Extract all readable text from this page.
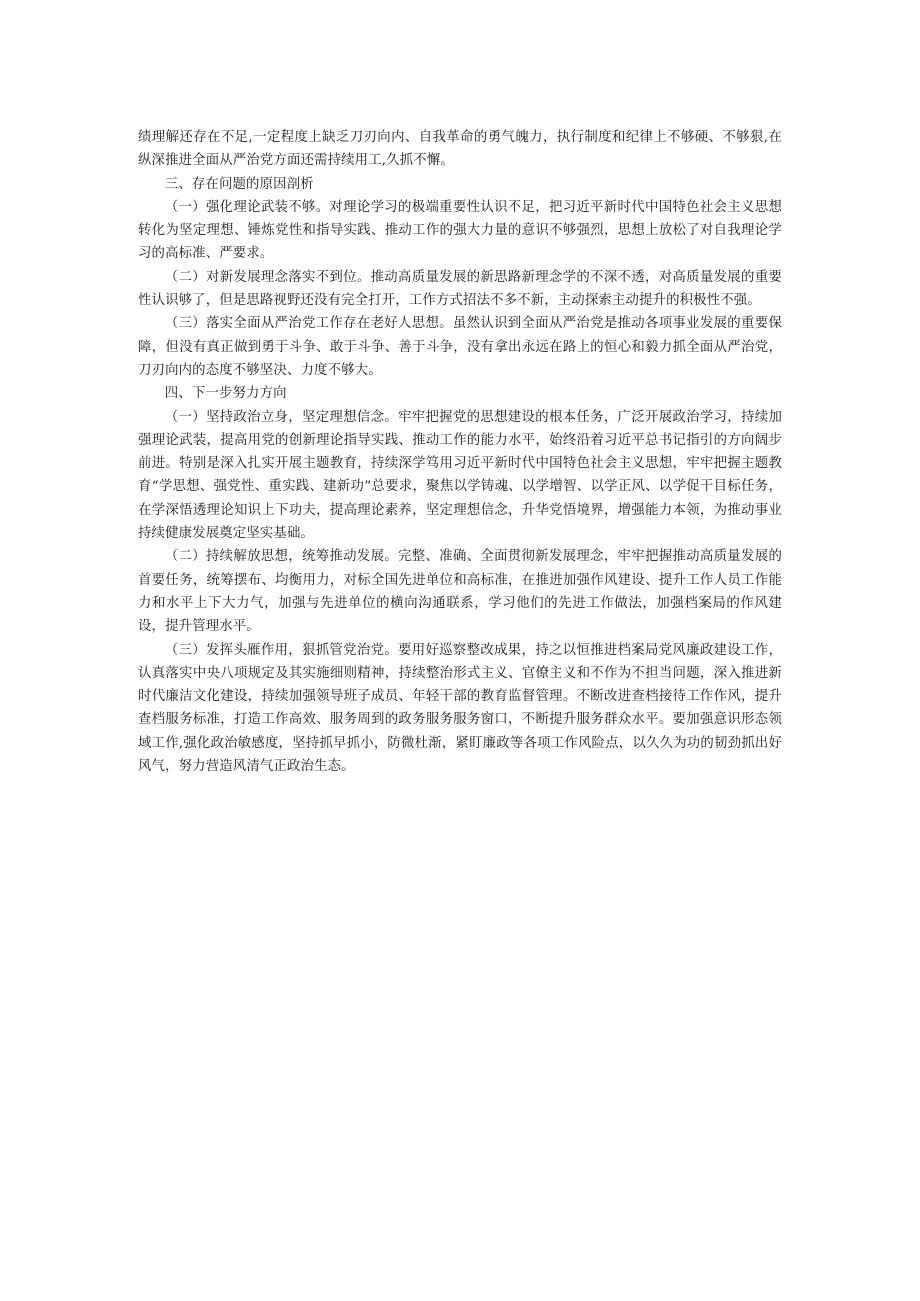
绩理解还存在不足,一定程度上缺乏刀刃向内、自我革命的勇气魄力，执行制度和纪律上不够硬、不够狠,在纵深推进全面从严治党方面还需持续用工,久抓不懈。

三、存在问题的原因剖析

（一）强化理论武装不够。对理论学习的极端重要性认识不足，把习近平新时代中国特色社会主义思想转化为坚定理想、锤炼党性和指导实践、推动工作的强大力量的意识不够强烈，思想上放松了对自我理论学习的高标准、严要求。

（二）对新发展理念落实不到位。推动高质量发展的新思路新理念学的不深不透，对高质量发展的重要性认识够了，但是思路视野还没有完全打开，工作方式招法不多不新，主动探索主动提升的积极性不强。

（三）落实全面从严治党工作存在老好人思想。虽然认识到全面从严治党是推动各项事业发展的重要保障，但没有真正做到勇于斗争、敢于斗争、善于斗争，没有拿出永远在路上的恒心和毅力抓全面从严治党，刀刃向内的态度不够坚决、力度不够大。

四、下一步努力方向

（一）坚持政治立身，坚定理想信念。牢牢把握党的思想建设的根本任务，广泛开展政治学习，持续加强理论武装，提高用党的创新理论指导实践、推动工作的能力水平，始终沿着习近平总书记指引的方向阔步前进。特别是深入扎实开展主题教育，持续深学笃用习近平新时代中国特色社会主义思想，牢牢把握主题教育“学思想、强党性、重实践、建新功”总要求，聚焦以学铸魂、以学增智、以学正风、以学促干目标任务，在学深悟透理论知识上下功夫，提高理论素养，坚定理想信念，升华党悟境界，增强能力本领，为推动事业持续健康发展奠定坚实基础。

（二）持续解放思想，统筹推动发展。完整、准确、全面贯彻新发展理念，牢牢把握推动高质量发展的首要任务，统筹摆布、均衡用力，对标全国先进单位和高标准，在推进加强作风建设、提升工作人员工作能力和水平上下大力气，加强与先进单位的横向沟通联系，学习他们的先进工作做法，加强档案局的作风建设，提升管理水平。

（三）发挥头雁作用，狠抓管党治党。要用好巡察整改成果，持之以恒推进档案局党风廉政建设工作，认真落实中央八项规定及其实施细则精神，持续整治形式主义、官僚主义和不作为不担当问题，深入推进新时代廉洁文化建设，持续加强领导班子成员、年轻干部的教育监督管理。不断改进查档接待工作作风，提升查档服务标准，打造工作高效、服务周到的政务服务服务窗口，不断提升服务群众水平。要加强意识形态领域工作,强化政治敏感度，坚持抓早抓小，防微杜渐，紧盯廉政等各项工作风险点，以久久为功的韧劲抓出好风气，努力营造风清气正政治生态。
